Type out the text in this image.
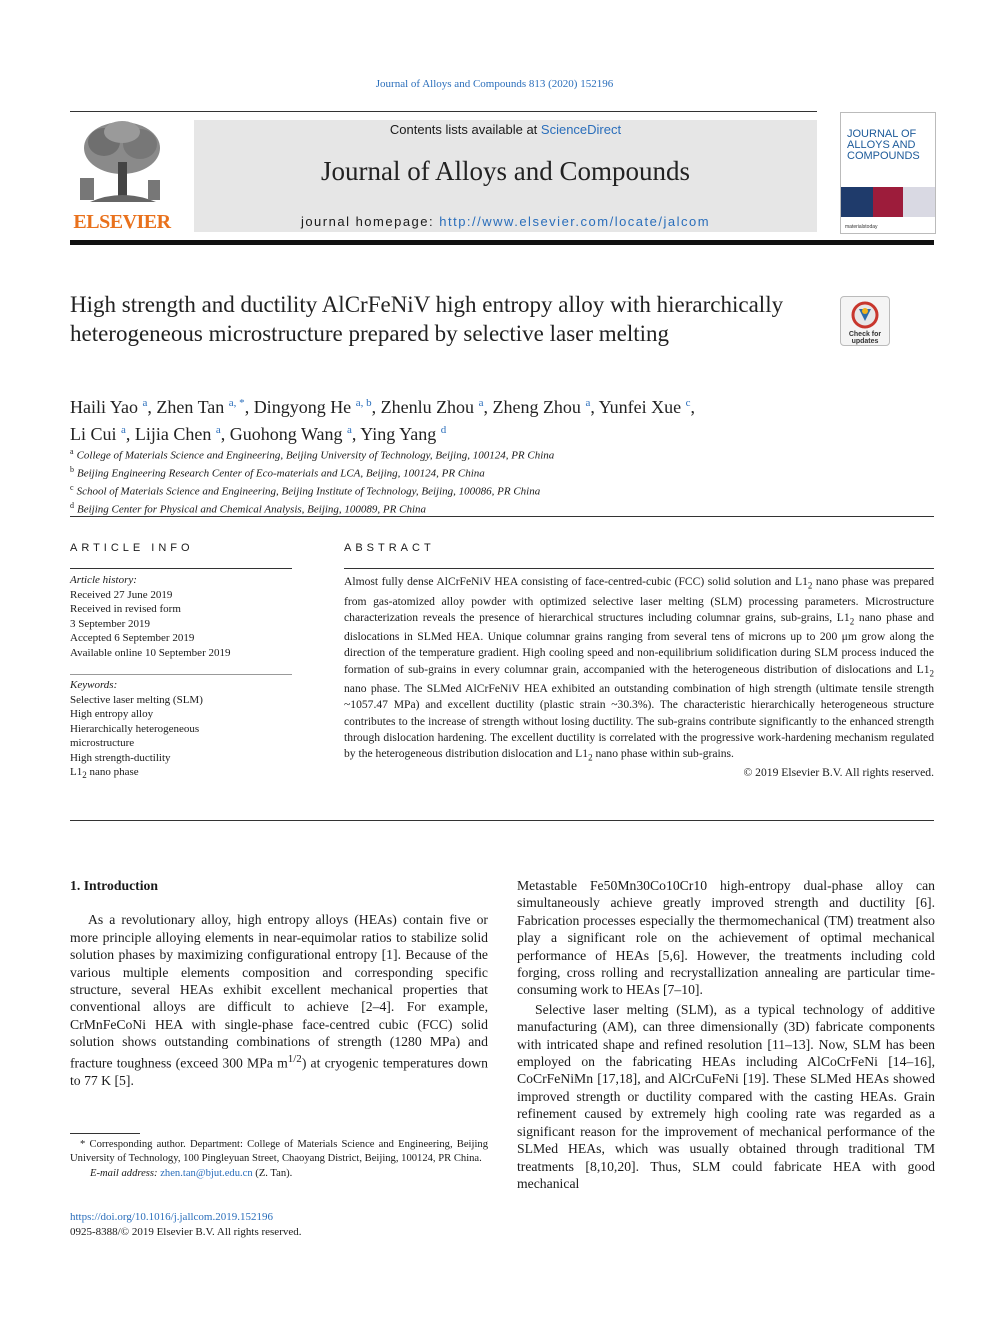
Journal of Alloys and Compounds 813 (2020) 152196
ELSEVIER
Contents lists available at ScienceDirect
Journal of Alloys and Compounds
journal homepage: http://www.elsevier.com/locate/jalcom
JOURNAL OF ALLOYS AND COMPOUNDS
materialstoday
High strength and ductility AlCrFeNiV high entropy alloy with hierarchically heterogeneous microstructure prepared by selective laser melting	Check for updates
Haili Yao $^a$, Zhen Tan $^{a, *}$, Dingyong He $^{a, b}$, Zhenlu Zhou $^a$, Zheng Zhou $^a$, Yunfei Xue $^c$,
Li Cui $^a$, Lijia Chen $^a$, Guohong Wang $^a$, Ying Yang $^d$
$^a$ College of Materials Science and Engineering, Beijing University of Technology, Beijing, 100124, PR China
$^b$ Beijing Engineering Research Center of Eco-materials and LCA, Beijing, 100124, PR China
$^c$ School of Materials Science and Engineering, Beijing Institute of Technology, Beijing, 100086, PR China
$^d$ Beijing Center for Physical and Chemical Analysis, Beijing, 100089, PR China
ARTICLE INFO	ABSTRACT
Article history:
Received 27 June 2019
Received in revised form
3 September 2019
Accepted 6 September 2019
Available online 10 September 2019
Keywords:
Selective laser melting (SLM)
High entropy alloy
Hierarchically heterogeneous
microstructure
High strength-ductility
$L1_2$ nano phase
Almost fully dense AlCrFeNiV HEA consisting of face-centred-cubic (FCC) solid solution and $L1_2$ nano phase was prepared from gas-atomized alloy powder with optimized selective laser melting (SLM) processing parameters. Microstructure characterization reveals the presence of hierarchical structures including columnar grains, sub-grains, $L1_2$ nano phase and dislocations in SLMed HEA. Unique columnar grains ranging from several tens of microns up to 200 μm grow along the direction of the temperature gradient. High cooling speed and non-equilibrium solidification during SLM process induced the formation of sub-grains in every columnar grain, accompanied with the heterogeneous distribution of dislocations and $L1_2$ nano phase. The SLMed AlCrFeNiV HEA exhibited an outstanding combination of high strength (ultimate tensile strength ~1057.47 MPa) and excellent ductility (plastic strain ~30.3%). The characteristic hierarchically heterogeneous structure contributes to the increase of strength without losing ductility. The sub-grains contribute significantly to the enhanced strength through dislocation hardening. The excellent ductility is correlated with the progressive work-hardening mechanism regulated by the heterogeneous distribution dislocation and $L1_2$ nano phase within sub-grains.
© 2019 Elsevier B.V. All rights reserved.
1. Introduction

As a revolutionary alloy, high entropy alloys (HEAs) contain five or more principle alloying elements in near-equimolar ratios to stabilize solid solution phases by maximizing configurational entropy [1]. Because of the various multiple elements composition and corresponding specific structure, several HEAs exhibit excellent mechanical properties that conventional alloys are difficult to achieve [2–4]. For example, CrMnFeCoNi HEA with single-phase face-centred cubic (FCC) solid solution shows outstanding combinations of strength (1280 MPa) and fracture toughness (exceed 300 MPa $m^{1/2}$) at cryogenic temperatures down to 77 K [5].

Metastable Fe50Mn30Co10Cr10 high-entropy dual-phase alloy can simultaneously achieve greatly improved strength and ductility [6]. Fabrication processes especially the thermomechanical (TM) treatment also play a significant role on the achievement of optimal mechanical performance of HEAs [5,6]. However, the treatments including cold forging, cross rolling and recrystallization annealing are particular time-consuming work to HEAs [7–10].

Selective laser melting (SLM), as a typical technology of additive manufacturing (AM), can three dimensionally (3D) fabricate components with intricated shape and refined resolution [11–13]. Now, SLM has been employed on the fabricating HEAs including AlCoCrFeNi [14–16], CoCrFeNiMn [17,18], and AlCrCuFeNi [19]. These SLMed HEAs showed improved strength or ductility compared with the casting HEAs. Grain refinement caused by extremely high cooling rate was regarded as a significant reason for the improvement of mechanical performance of the SLMed HEAs, which was usually obtained through traditional TM treatments [8,10,20]. Thus, SLM could fabricate HEA with good mechanical

* Corresponding author. Department: College of Materials Science and Engineering, Beijing University of Technology, 100 Pingleyuan Street, Chaoyang District, Beijing, 100124, PR China.
E-mail address: zhen.tan@bjut.edu.cn (Z. Tan).
https://doi.org/10.1016/j.jallcom.2019.152196
0925-8388/© 2019 Elsevier B.V. All rights reserved.
